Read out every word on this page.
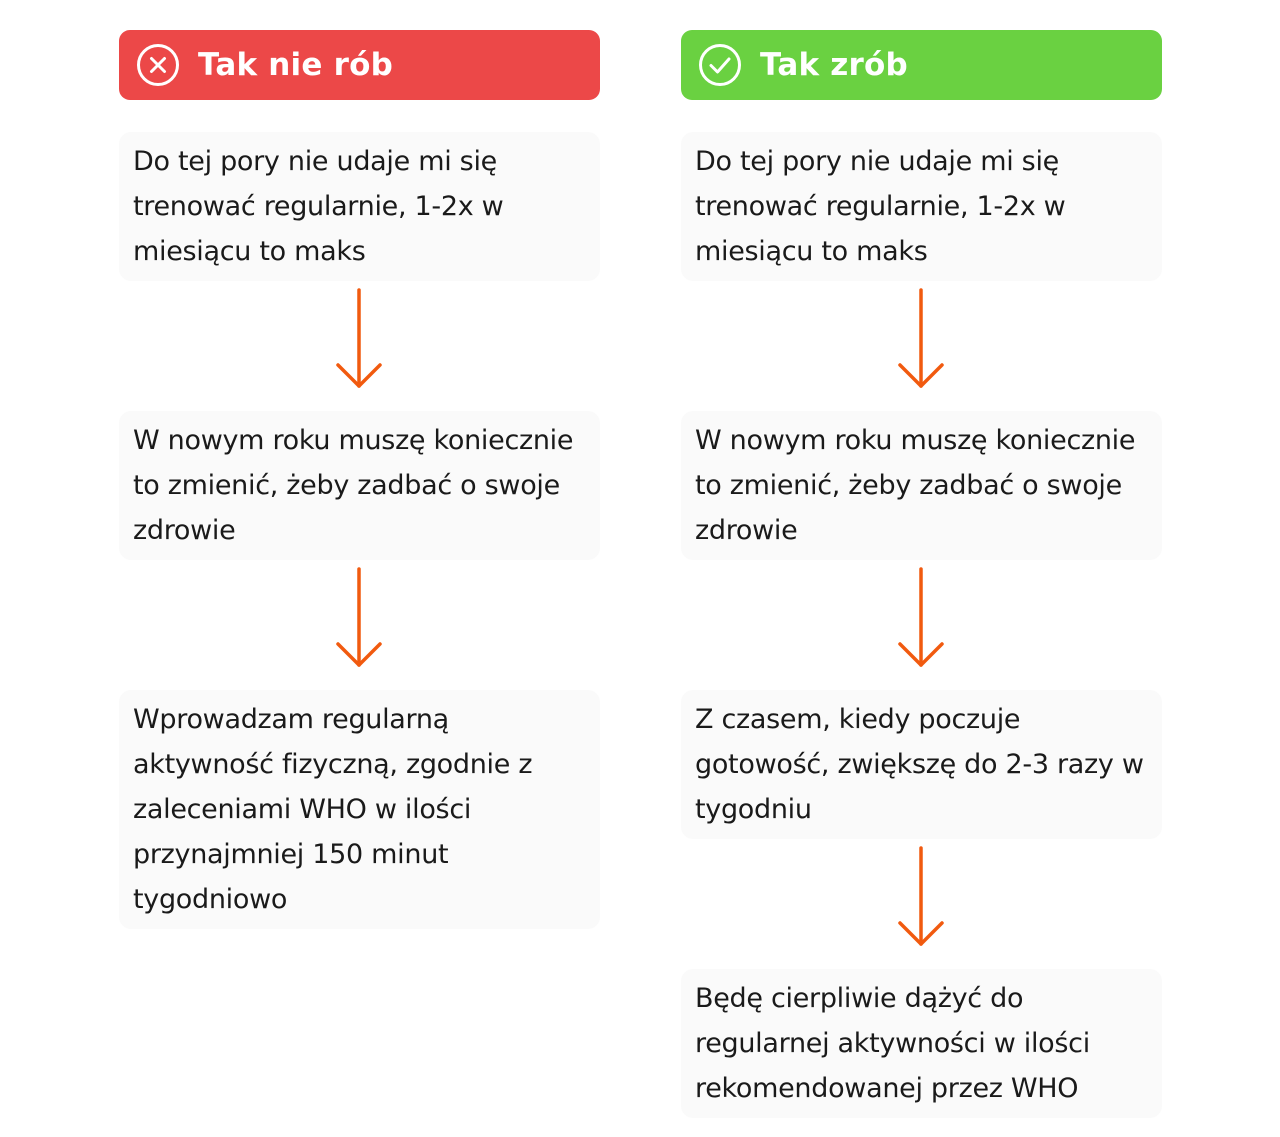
Tak nie rób
Do tej pory nie udaje mi się trenować regularnie, 1-2x w miesiącu to maks
W nowym roku muszę koniecznie to zmienić, żeby zadbać o swoje zdrowie
Wprowadzam regularną aktywność fizyczną, zgodnie z zaleceniami WHO w ilości przynajmniej 150 minut tygodniowo
Tak zrób
Do tej pory nie udaje mi się trenować regularnie, 1-2x w miesiącu to maks
W nowym roku muszę koniecznie to zmienić, żeby zadbać o swoje zdrowie
Z czasem, kiedy poczuje gotowość, zwiększę do 2-3 razy w tygodniu
Będę cierpliwie dążyć do regularnej aktywności w ilości rekomendowanej przez WHO
